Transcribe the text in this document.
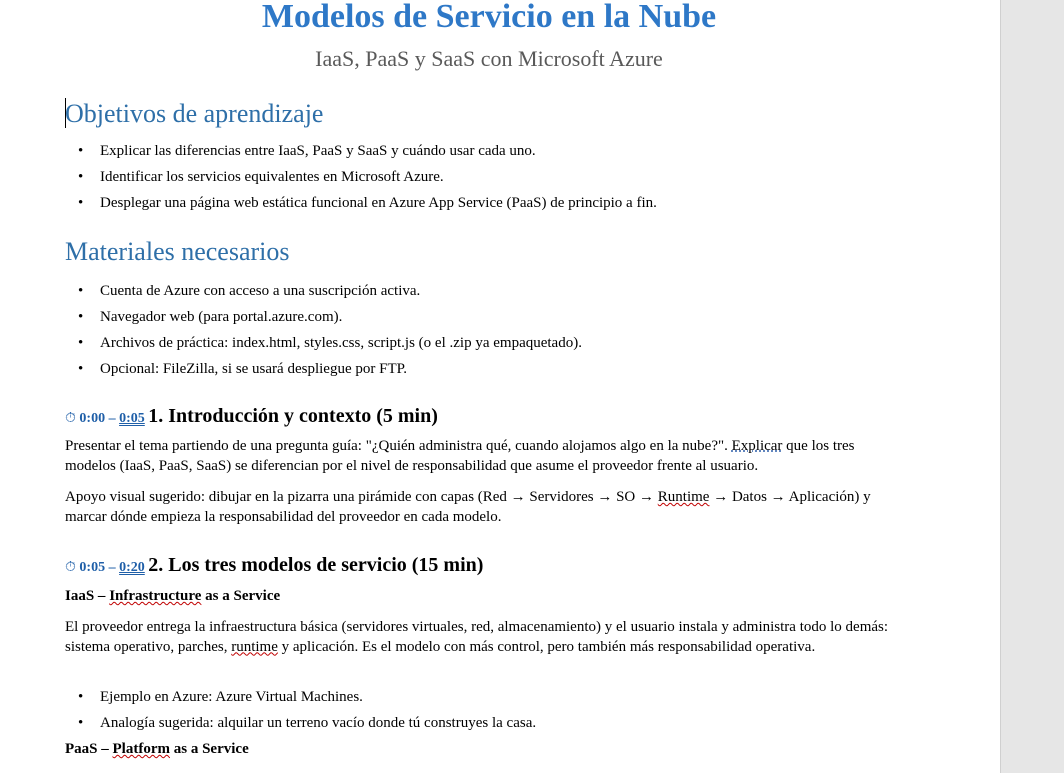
Modelos de Servicio en la Nube
IaaS, PaaS y SaaS con Microsoft Azure
Objetivos de aprendizaje
• Explicar las diferencias entre IaaS, PaaS y SaaS y cuándo usar cada uno.
• Identificar los servicios equivalentes en Microsoft Azure.
• Desplegar una página web estática funcional en Azure App Service (PaaS) de principio a fin.
Materiales necesarios
• Cuenta de Azure con acceso a una suscripción activa.
• Navegador web (para portal.azure.com).
• Archivos de práctica: index.html, styles.css, script.js (o el .zip ya empaquetado).
• Opcional: FileZilla, si se usará despliegue por FTP.
⏱ 0:00 – 0:05 1. Introducción y contexto (5 min)

Presentar el tema partiendo de una pregunta guía: "¿Quién administra qué, cuando alojamos algo en la nube?". Explicar que los tres modelos (IaaS, PaaS, SaaS) se diferencian por el nivel de responsabilidad que asume el proveedor frente al usuario.

Apoyo visual sugerido: dibujar en la pizarra una pirámide con capas (Red → Servidores → SO → Runtime → Datos → Aplicación) y marcar dónde empieza la responsabilidad del proveedor en cada modelo.

⏱ 0:05 – 0:20 2. Los tres modelos de servicio (15 min)
IaaS – Infrastructure as a Service

El proveedor entrega la infraestructura básica (servidores virtuales, red, almacenamiento) y el usuario instala y administra todo lo demás: sistema operativo, parches, runtime y aplicación. Es el modelo con más control, pero también más responsabilidad operativa.

• Ejemplo en Azure: Azure Virtual Machines.
• Analogía sugerida: alquilar un terreno vacío donde tú construyes la casa.
PaaS – Platform as a Service
